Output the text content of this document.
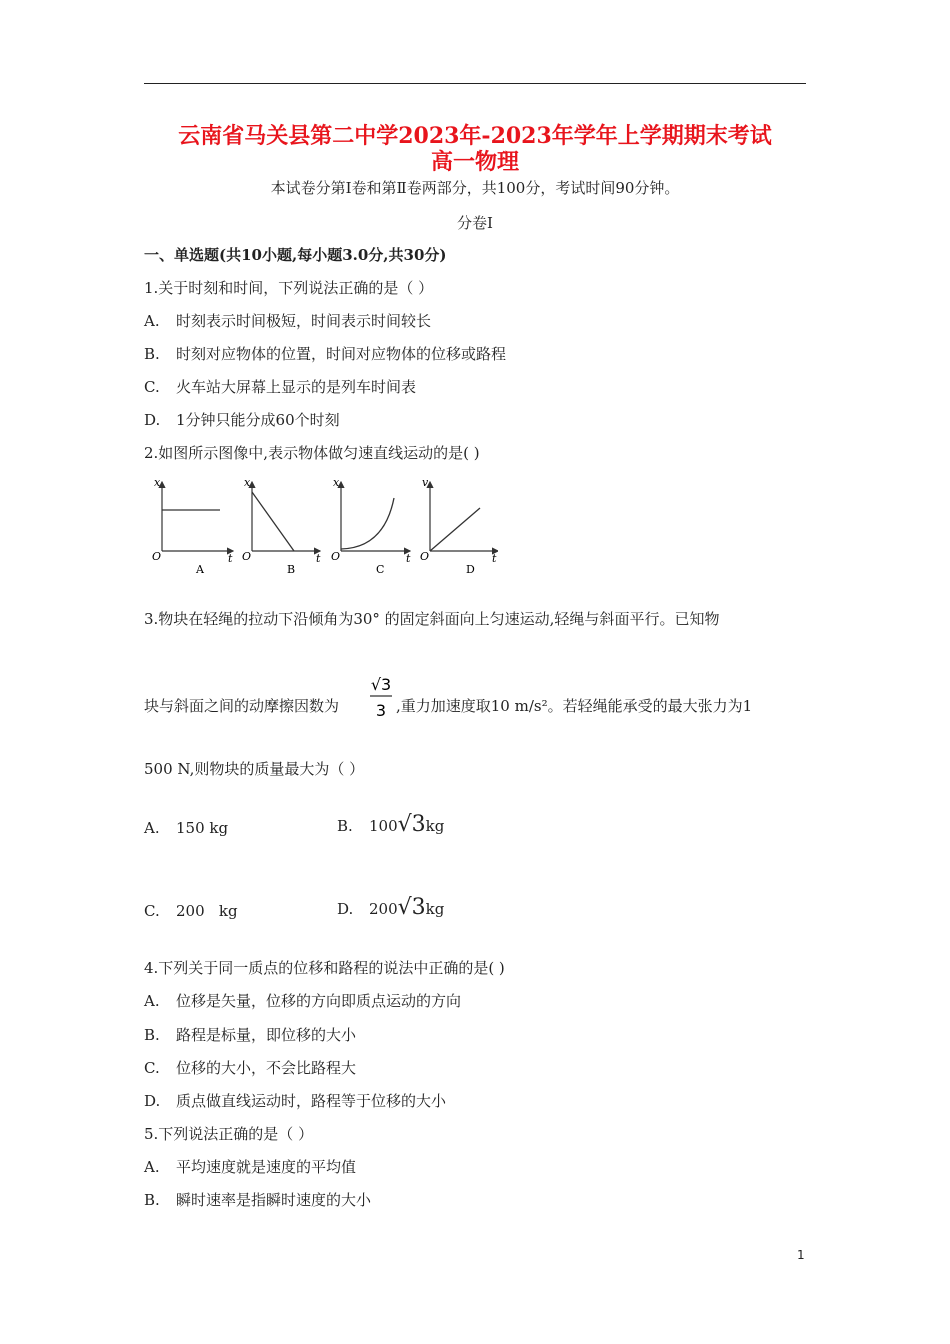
云南省马关县第二中学2023年-2023年学年上学期期末考试
高一物理
本试卷分第Ⅰ卷和第Ⅱ卷两部分，共100分，考试时间90分钟。
分卷I
一、单选题(共10小题,每小题3.0分,共30分)
1.关于时刻和时间，下列说法正确的是（ ）
A. 时刻表示时间极短，时间表示时间较长
B. 时刻对应物体的位置，时间对应物体的位移或路程
C. 火车站大屏幕上显示的是列车时间表
D. 1分钟只能分成60个时刻
2.如图所示图像中,表示物体做匀速直线运动的是( )
x
t
O
A
x
t
O
B
x
t
O
C
v
t
O
D
3.物块在轻绳的拉动下沿倾角为30° 的固定斜面向上匀速运动,轻绳与斜面平行。已知物
块与斜面之间的动摩擦因数为
√3
3 ,重力加速度取10 m/s²。若轻绳能承受的最大张力为1
500 N,则物块的质量最大为（ ）
A. 150 kg	B. 100√3kg
C. 200   kg	D. 200√3kg
4.下列关于同一质点的位移和路程的说法中正确的是( )
A. 位移是矢量，位移的方向即质点运动的方向
B. 路程是标量，即位移的大小
C. 位移的大小，不会比路程大
D. 质点做直线运动时，路程等于位移的大小
5.下列说法正确的是（ ）
A. 平均速度就是速度的平均值
B. 瞬时速率是指瞬时速度的大小
1
